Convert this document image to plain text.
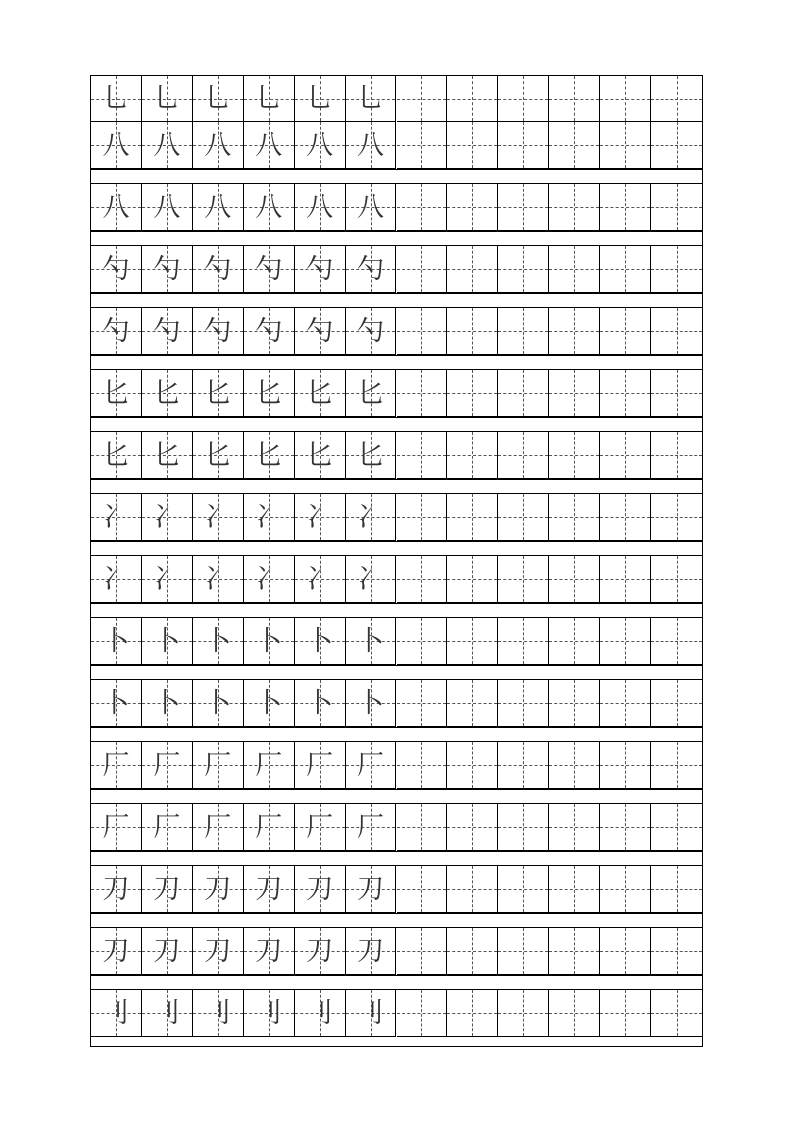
乚 乚 乚 乚 乚 乚
八 八 八 八 八 八
八 八 八 八 八 八
勺 勺 勺 勺 勺 勺
勺 勺 勺 勺 勺 勺
匕 匕 匕 匕 匕 匕
匕 匕 匕 匕 匕 匕
冫 冫 冫 冫 冫 冫
冫 冫 冫 冫 冫 冫
卜 卜 卜 卜 卜 卜
卜 卜 卜 卜 卜 卜
厂 厂 厂 厂 厂 厂
厂 厂 厂 厂 厂 厂
刀 刀 刀 刀 刀 刀
刀 刀 刀 刀 刀 刀
刂 刂 刂 刂 刂 刂
